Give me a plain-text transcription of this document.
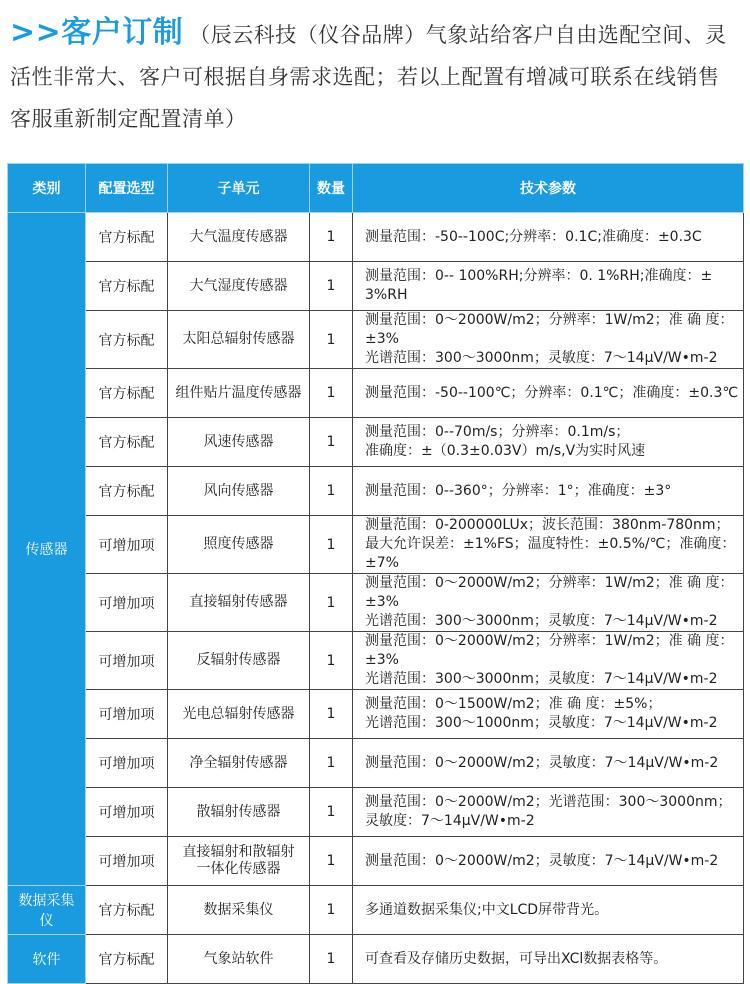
>>客户订制 （辰云科技（仪谷品牌）气象站给客户自由选配空间、灵活性非常大、客户可根据自身需求选配；若以上配置有增减可联系在线销售客服重新制定配置清单）
类别	配置选型	子单元	数量	技术参数
传感器	官方标配	大气温度传感器	1	测量范围：-50--100C;分辨率：0.1C;准确度：±0.3C
	官方标配	大气湿度传感器	1	测量范围：0-- 100%RH;分辨率：0. 1%RH;准确度：± 3%RH
	官方标配	太阳总辐射传感器	1	测量范围：0～2000W/m2；分辨率：1W/m2；准 确 度：±3%
光谱范围：300～3000nm；灵敏度：7～14μV/W•m-2
	官方标配	组件贴片温度传感器	1	测量范围：-50--100℃；分辨率：0.1℃；准确度：±0.3℃
	官方标配	风速传感器	1	测量范围：0--70m/s；分辨率：0.1m/s；
准确度：±（0.3±0.03V）m/s,V为实时风速
	官方标配	风向传感器	1	测量范围：0--360°；分辨率：1°；准确度：±3°
	可增加项	照度传感器	1	测量范围：0-200000LUx；波长范围：380nm-780nm；
最大允许误差：±1%FS；温度特性：±0.5%/℃；准确度：±7%
	可增加项	直接辐射传感器	1	测量范围：0～2000W/m2；分辨率：1W/m2；准 确 度：±3%
光谱范围：300～3000nm；灵敏度：7～14μV/W•m-2
	可增加项	反辐射传感器	1	测量范围：0～2000W/m2；分辨率：1W/m2；准 确 度：±3%
光谱范围：300～3000nm；灵敏度：7～14μV/W•m-2
	可增加项	光电总辐射传感器	1	测量范围：0～1500W/m2；准 确 度：±5%；
光谱范围：300～1000nm；灵敏度：7～14μV/W•m-2
	可增加项	净全辐射传感器	1	测量范围：0～2000W/m2；灵敏度：7～14μV/W•m-2
	可增加项	散辐射传感器	1	测量范围：0～2000W/m2；光谱范围：300～3000nm；
灵敏度：7～14μV/W•m-2
	可增加项	直接辐射和散辐射
一体化传感器	1	测量范围：0～2000W/m2；灵敏度：7～14μV/W•m-2
数据采集仪	官方标配	数据采集仪	1	多通道数据采集仪;中文LCD屏带背光。
软件	官方标配	气象站软件	1	可查看及存储历史数据，可导出XCl数据表格等。
